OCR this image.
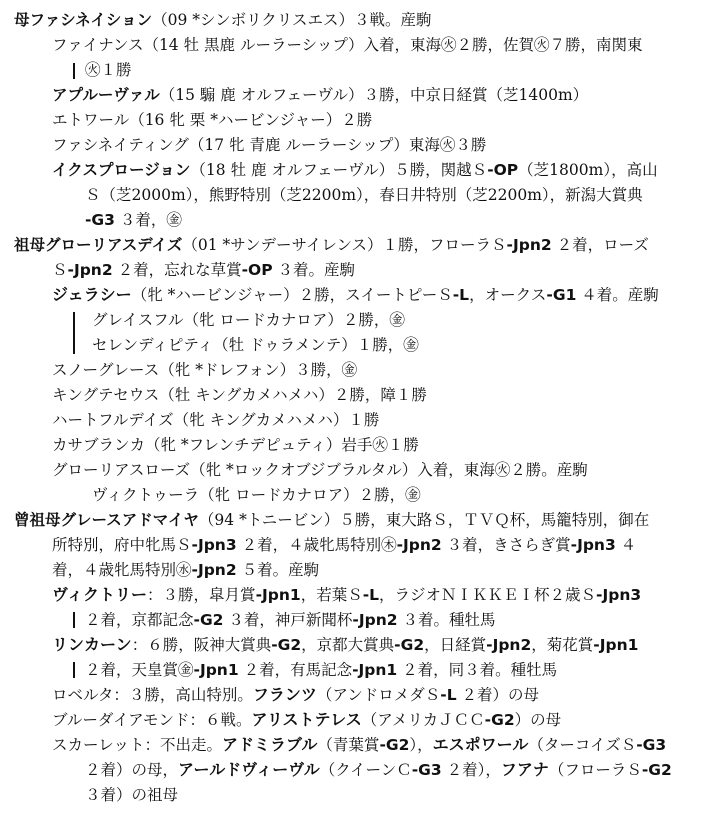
母ファシネイション（09 *シンボリクリスエス）３戦。産駒
ファイナンス（14 牡 黒鹿 ルーラーシップ）入着，東海㊋２勝，佐賀㊋７勝，南関東
㊋１勝
アプルーヴァル（15 騸 鹿 オルフェーヴル）３勝，中京日経賞（芝1400m）
エトワール（16 牝 栗 *ハービンジャー）２勝
ファシネイティング（17 牝 青鹿 ルーラーシップ）東海㊋３勝
イクスプロージョン（18 牡 鹿 オルフェーヴル）５勝，関越Ｓ-OP（芝1800m），高山
Ｓ（芝2000m），熊野特別（芝2200m），春日井特別（芝2200m），新潟大賞典
-G3 ３着，㊎
祖母グローリアスデイズ（01 *サンデーサイレンス）１勝，フローラＳ-Jpn2 ２着，ローズ
Ｓ-Jpn2 ２着，忘れな草賞-OP ３着。産駒
ジェラシー（牝 *ハービンジャー）２勝，スイートピーＳ-L，オークス-G1 ４着。産駒
グレイスフル（牝 ロードカナロア）２勝，㊎
セレンディピティ（牡 ドゥラメンテ）１勝，㊎
スノーグレース（牝 *ドレフォン）３勝，㊎
キングテセウス（牡 キングカメハメハ）２勝，障１勝
ハートフルデイズ（牝 キングカメハメハ）１勝
カサブランカ（牝 *フレンチデピュティ）岩手㊋１勝
グローリアスローズ（牝 *ロックオブジブラルタル）入着，東海㊋２勝。産駒
ヴィクトゥーラ（牝 ロードカナロア）２勝，㊎
曾祖母グレースアドマイヤ（94 *トニービン）５勝，東大路Ｓ，ＴＶＱ杯，馬籠特別，御在
所特別，府中牝馬Ｓ-Jpn3 ２着，４歳牝馬特別㊍-Jpn2 ３着，きさらぎ賞-Jpn3 ４
着，４歳牝馬特別㊌-Jpn2 ５着。産駒
ヴィクトリー：３勝，皐月賞-Jpn1，若葉Ｓ-L，ラジオＮＩＫＫＥＩ杯２歳Ｓ-Jpn3
２着，京都記念-G2 ３着，神戸新聞杯-Jpn2 ３着。種牡馬
リンカーン：６勝，阪神大賞典-G2，京都大賞典-G2，日経賞-Jpn2，菊花賞-Jpn1
２着，天皇賞㊎-Jpn1 ２着，有馬記念-Jpn1 ２着，同３着。種牡馬
ロベルタ：３勝，高山特別。フランツ（アンドロメダＳ-L ２着）の母
ブルーダイアモンド：６戦。アリストテレス（アメリカＪＣＣ-G2）の母
スカーレット：不出走。アドミラブル（青葉賞-G2），エスポワール（ターコイズＳ-G3
２着）の母，アールドヴィーヴル（クイーンＣ-G3 ２着），フアナ（フローラＳ-G2
３着）の祖母
